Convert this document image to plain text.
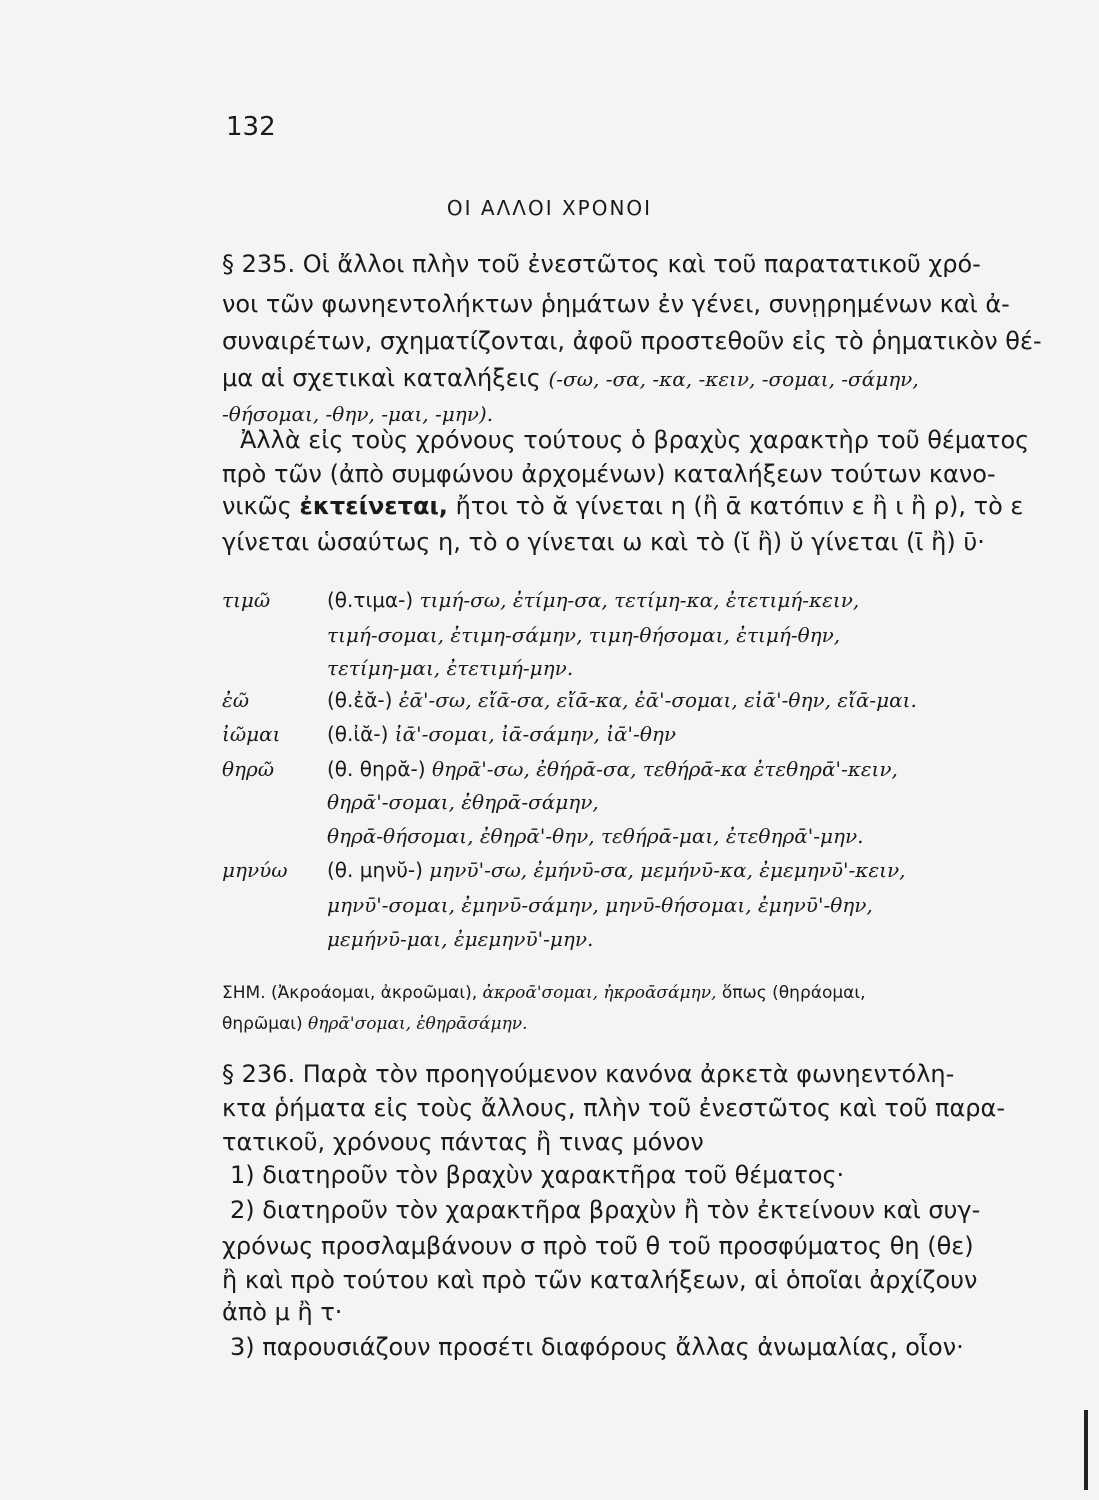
132
ΟΙ ΑΛΛΟΙ ΧΡΟΝΟΙ
§ 235. Οἱ ἄλλοι πλὴν τοῦ ἐνεστῶτος καὶ τοῦ παρατατικοῦ χρό-
νοι τῶν φωνηεντολήκτων ῥημάτων ἐν γένει, συνῃρημένων καὶ ἀ-
συναιρέτων, σχηματίζονται, ἀφοῦ προστεθοῦν εἰς τὸ ῥηματικὸν θέ-
μα αἱ σχετικαὶ καταλήξεις (-σω, -σα, -κα, -κειν, -σομαι, -σάμην,
-θήσομαι, -θην, -μαι, -μην).
Ἀλλὰ εἰς τοὺς χρόνους τούτους ὁ βραχὺς χαρακτὴρ τοῦ θέματος
πρὸ τῶν (ἀπὸ συμφώνου ἀρχομένων) καταλήξεων τούτων κανο-
νικῶς ἐκτείνεται, ἤτοι τὸ ᾰ γίνεται η (ἢ ᾱ κατόπιν ε ἢ ι ἢ ρ), τὸ ε
γίνεται ὡσαύτως η, τὸ ο γίνεται ω καὶ τὸ (ῐ ἢ) ῠ γίνεται (ῑ ἢ) ῡ·
τιμῶ	(θ.τιμα-) τιμή-σω, ἐτίμη-σα, τετίμη-κα, ἐτετιμή-κειν,
τιμή-σομαι, ἐτιμη-σάμην, τιμη-θήσομαι, ἐτιμή-θην,
τετίμη-μαι, ἐτετιμή-μην.
ἐῶ	(θ.ἐᾰ-) ἐᾱ'-σω, εἴᾱ-σα, εἴᾱ-κα, ἐᾱ'-σομαι, εἰᾱ'-θην, εἴᾱ-μαι.
ἰῶμαι (θ.ἰᾰ-) ἰᾱ'-σομαι, ἰᾱ-σάμην, ἰᾱ'-θην
θηρῶ	(θ. θηρᾰ-) θηρᾱ'-σω, ἐθήρᾱ-σα, τεθήρᾱ-κα ἐτεθηρᾱ'-κειν,
θηρᾱ'-σομαι, ἐθηρᾱ-σάμην,
θηρᾱ-θήσομαι, ἐθηρᾱ'-θην, τεθήρᾱ-μαι, ἐτεθηρᾱ'-μην.
μηνύω (θ. μηνῠ-) μηνῡ'-σω, ἐμήνῡ-σα, μεμήνῡ-κα, ἐμεμηνῡ'-κειν,
μηνῡ'-σομαι, ἐμηνῡ-σάμην, μηνῡ-θήσομαι, ἐμηνῡ'-θην,
μεμήνῡ-μαι, ἐμεμηνῡ'-μην.
ΣΗΜ. (Ἀκροάομαι, ἀκροῶμαι), ἀκροᾱ'σομαι, ἠκροᾱσάμην, ὅπως (θηράομαι,
θηρῶμαι) θηρᾱ'σομαι, ἐθηρᾱσάμην.
§ 236. Παρὰ τὸν προηγούμενον κανόνα ἀρκετὰ φωνηεντόλη-
κτα ῥήματα εἰς τοὺς ἄλλους, πλὴν τοῦ ἐνεστῶτος καὶ τοῦ παρα-
τατικοῦ, χρόνους πάντας ἢ τινας μόνον
1) διατηροῦν τὸν βραχὺν χαρακτῆρα τοῦ θέματος·
2) διατηροῦν τὸν χαρακτῆρα βραχὺν ἢ τὸν ἐκτείνουν καὶ συγ-
χρόνως προσλαμβάνουν σ πρὸ τοῦ θ τοῦ προσφύματος θη (θε)
ἢ καὶ πρὸ τούτου καὶ πρὸ τῶν καταλήξεων, αἱ ὁποῖαι ἀρχίζουν
ἀπὸ μ ἢ τ·
3) παρουσιάζουν προσέτι διαφόρους ἄλλας ἀνωμαλίας, οἷον·
